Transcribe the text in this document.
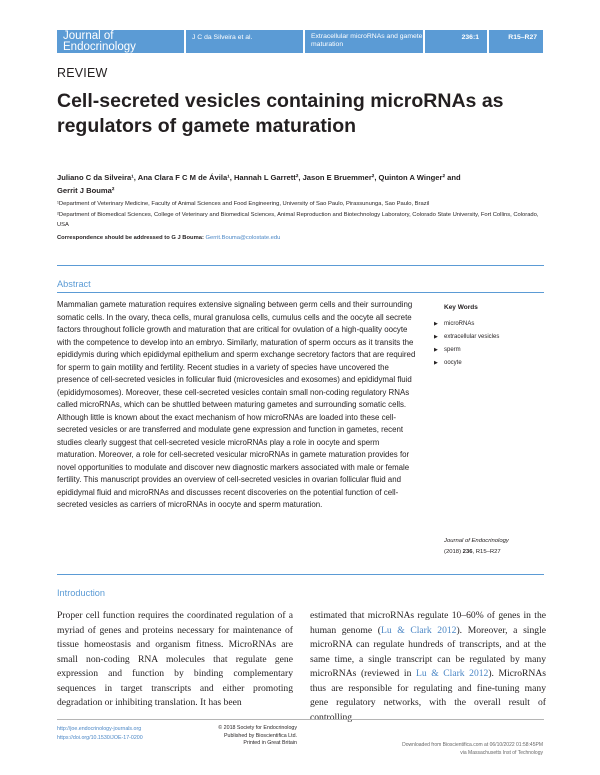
Journal of Endocrinology
J C da Silveira et al.	Extracellular microRNAs and gamete maturation
236:1	R15–R27
REVIEW
Cell-secreted vesicles containing microRNAs as regulators of gamete maturation
Juliano C da Silveira¹, Ana Clara F C M de Ávila¹, Hannah L Garrett², Jason E Bruemmer², Quinton A Winger² and
Gerrit J Bouma²

¹Department of Veterinary Medicine, Faculty of Animal Sciences and Food Engineering, University of Sao Paulo, Pirassununga, Sao Paulo, Brazil

²Department of Biomedical Sciences, College of Veterinary and Biomedical Sciences, Animal Reproduction and Biotechnology Laboratory, Colorado State University, Fort Collins, Colorado, USA

Correspondence should be addressed to G J Bouma: Gerrit.Bouma@colostate.edu
Abstract
Mammalian gamete maturation requires extensive signaling between germ cells and their surrounding somatic cells. In the ovary, theca cells, mural granulosa cells, cumulus cells and the oocyte all secrete factors throughout follicle growth and maturation that are critical for ovulation of a high-quality oocyte with the competence to develop into an embryo. Similarly, maturation of sperm occurs as it transits the epididymis during which epididymal epithelium and sperm exchange secretory factors that are required for sperm to gain motility and fertility. Recent studies in a variety of species have uncovered the presence of cell-secreted vesicles in follicular fluid (microvesicles and exosomes) and epididymal fluid (epididymosomes). Moreover, these cell-secreted vesicles contain small non-coding regulatory RNAs called microRNAs, which can be shuttled between maturing gametes and surrounding somatic cells. Although little is known about the exact mechanism of how microRNAs are loaded into these cell-secreted vesicles or are transferred and modulate gene expression and function in gametes, recent studies clearly suggest that cell-secreted vesicle microRNAs play a role in oocyte and sperm maturation. Moreover, a role for cell-secreted vesicular microRNAs in gamete maturation provides for novel opportunities to modulate and discover new diagnostic markers associated with male or female fertility. This manuscript provides an overview of cell-secreted vesicles in ovarian follicular fluid and epididymal fluid and microRNAs and discusses recent discoveries on the potential function of cell-secreted vesicles as carriers of microRNAs in oocyte and sperm maturation.
Key Words
▶ microRNAs
▶ extracellular vesicles
▶ sperm
▶ oocyte
Journal of Endocrinology
(2018) 236, R15–R27
Introduction
Proper cell function requires the coordinated regulation of a myriad of genes and proteins necessary for maintenance of tissue homeostasis and organism fitness. MicroRNAs are small non-coding RNA molecules that regulate gene expression and function by binding complementary sequences in target transcripts and either promoting degradation or inhibiting translation. It has been
estimated that microRNAs regulate 10–60% of genes in the human genome (Lu & Clark 2012). Moreover, a single microRNA can regulate hundreds of transcripts, and at the same time, a single transcript can be regulated by many microRNAs (reviewed in Lu & Clark 2012). MicroRNAs thus are responsible for regulating and fine-tuning many gene regulatory networks, with the overall result of controlling
http://joe.endocrinology-journals.org
https://doi.org/10.1530/JOE-17-0200
© 2018 Society for Endocrinology
Published by Bioscientifica Ltd.
Printed in Great Britain	Downloaded from Bioscientifica.com at 06/10/2022 01:58:45PM
via Massachusetts Inst of Technology
